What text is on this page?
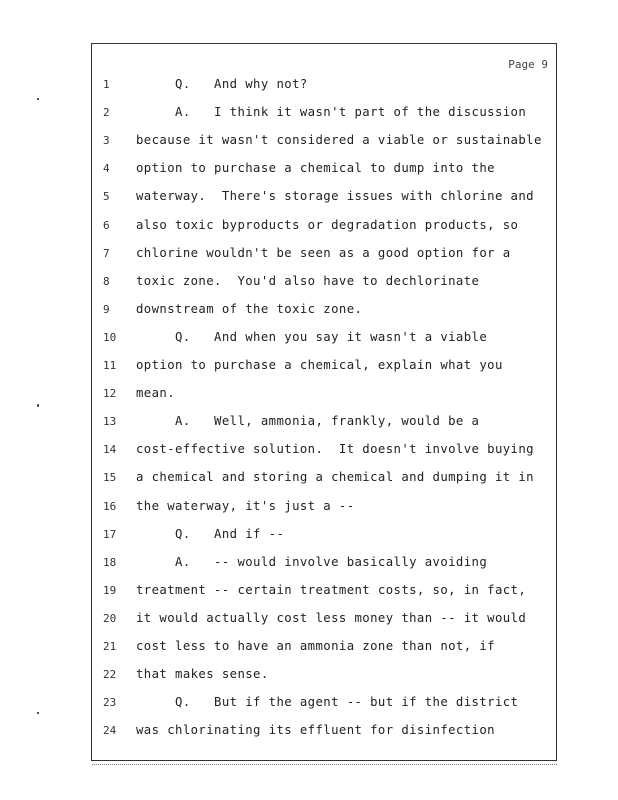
Page 9
1	Q.   And why not?
2	A.   I think it wasn't part of the discussion
3	because it wasn't considered a viable or sustainable
4	option to purchase a chemical to dump into the
5	waterway.  There's storage issues with chlorine and
6	also toxic byproducts or degradation products, so
7	chlorine wouldn't be seen as a good option for a
8	toxic zone.  You'd also have to dechlorinate
9	downstream of the toxic zone.
10	Q.   And when you say it wasn't a viable
11	option to purchase a chemical, explain what you
12	mean.
13	A.   Well, ammonia, frankly, would be a
14	cost-effective solution.  It doesn't involve buying
15	a chemical and storing a chemical and dumping it in
16	the waterway, it's just a --
17	Q.   And if --
18	A.   -- would involve basically avoiding
19	treatment -- certain treatment costs, so, in fact,
20	it would actually cost less money than -- it would
21	cost less to have an ammonia zone than not, if
22	that makes sense.
23	Q.   But if the agent -- but if the district
24	was chlorinating its effluent for disinfection
